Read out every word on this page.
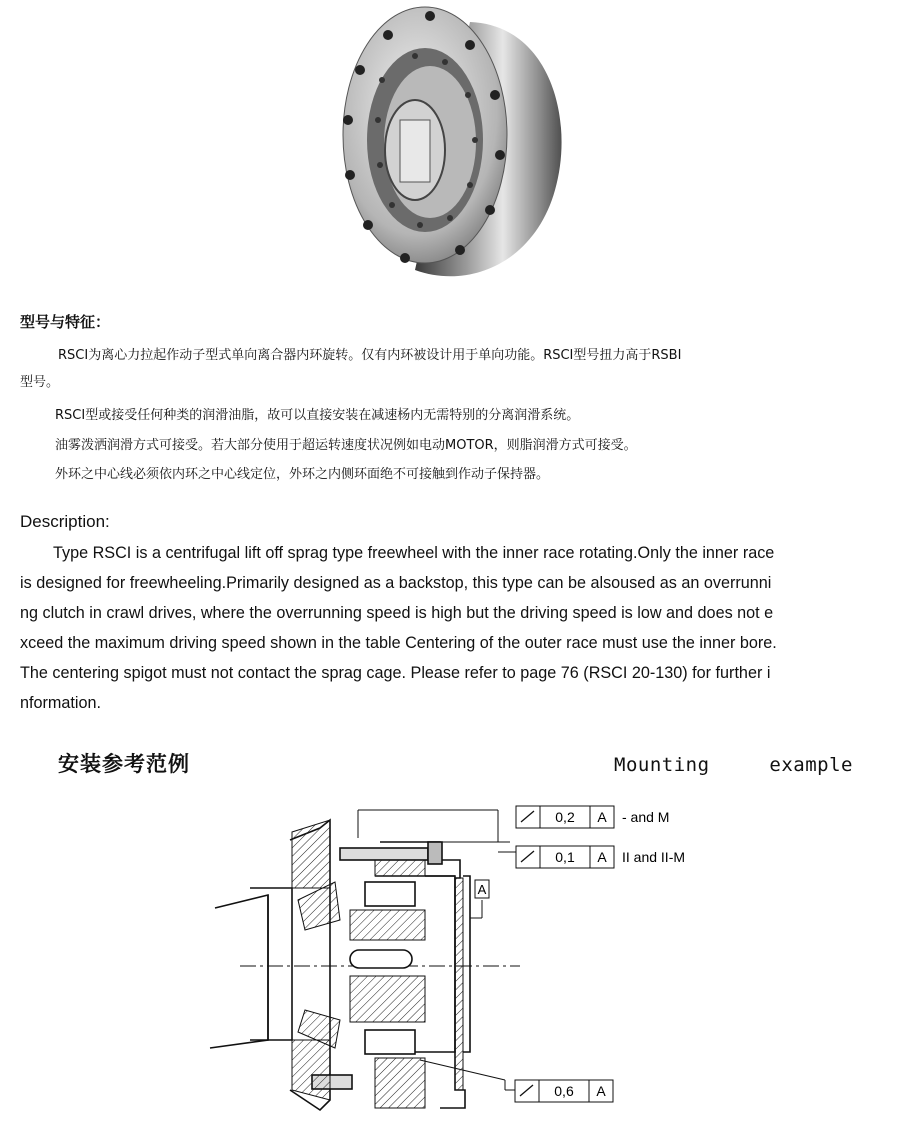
型号与特征：
RSCI为离心力拉起作动子型式单向离合器内环旋转。仅有内环被设计用于单向功能。RSCI型号扭力高于RSBI
型号。
RSCI型或接受任何种类的润滑油脂，故可以直接安装在减速杨内无需特别的分离润滑系统。
油雾泼洒润滑方式可接受。若大部分使用于超运转速度状况例如电动MOTOR，则脂润滑方式可接受。
外环之中心线必须依内环之中心线定位，外环之内侧环面绝不可接触到作动子保持器。
Description:
Type RSCI is a centrifugal lift off sprag type freewheel with the inner race rotating.Only the inner race
is designed for freewheeling.Primarily designed as a backstop, this type can be alsoused as an overrunni
ng clutch in crawl drives, where the overrunning speed is high but the driving speed is low and does not e
xceed the maximum driving speed shown in the table Centering of the outer race must use the inner bore.
The centering spigot must not contact the sprag cage. Please refer to page 76 (RSCI 20-130) for further i
nformation.
安装参考范例	Mounting	example
A
0,2 A - and M
0,1 A II and II-M
0,6 A
